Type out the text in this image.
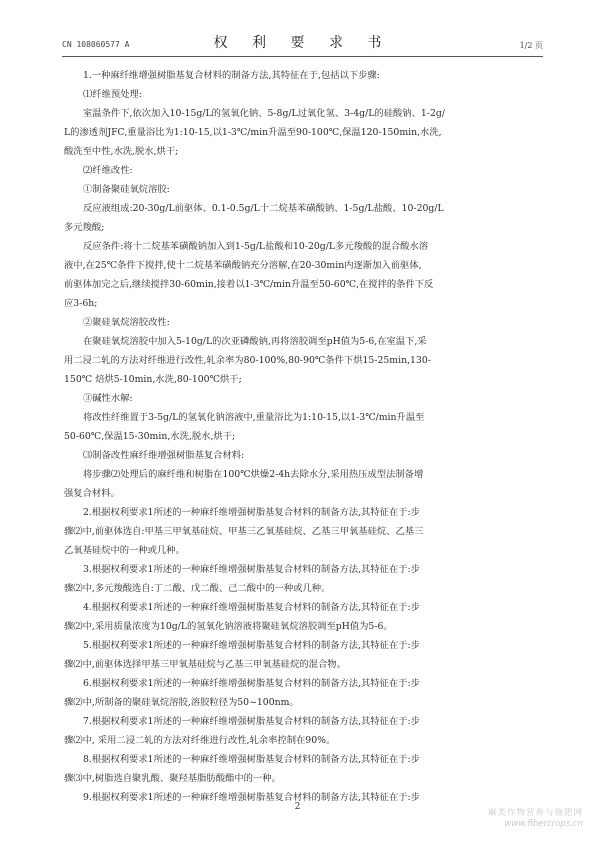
CN 108060577 A	权 利 要 求 书	1/2 页
1.一种麻纤维增强树脂基复合材料的制备方法,其特征在于,包括以下步骤:
⑴纤维预处理:
室温条件下,依次加入10-15g/L的氢氧化钠、5-8g/L过氧化氢、3-4g/L的硅酸钠、1-2g/
L的渗透剂JFC,重量浴比为1:10-15,以1-3℃/min升温至90-100℃,保温120-150min,水洗,
酸洗至中性,水洗,脱水,烘干;
⑵纤维改性:
①制备聚硅氧烷溶胶:
反应液组成:20-30g/L前驱体、0.1-0.5g/L十二烷基苯磺酸钠、1-5g/L盐酸、10-20g/L
多元羧酸;
反应条件:将十二烷基苯磺酸钠加入到1-5g/L盐酸和10-20g/L多元羧酸的混合酸水溶
液中,在25℃条件下搅拌,使十二烷基苯磺酸钠充分溶解,在20-30min内逐渐加入前驱体,
前驱体加完之后,继续搅拌30-60min,接着以1-3℃/min升温至50-60℃,在搅拌的条件下反
应3-6h;
②聚硅氧烷溶胶改性:
在聚硅氧烷溶胶中加入5-10g/L的次亚磷酸钠,再将溶胶调至pH值为5-6,在室温下,采
用二浸二轧的方法对纤维进行改性,轧余率为80-100%,80-90℃条件下烘15-25min,130-
150℃ 焙烘5-10min,水洗,80-100℃烘干;
③碱性水解:
将改性纤维置于3-5g/L的氢氧化钠溶液中,重量浴比为1:10-15,以1-3℃/min升温至
50-60℃,保温15-30min,水洗,脱水,烘干;
⑶制备改性麻纤维增强树脂基复合材料:
将步骤⑵处理后的麻纤维和树脂在100℃烘燥2-4h去除水分,采用热压成型法制备增
强复合材料。
2.根据权利要求1所述的一种麻纤维增强树脂基复合材料的制备方法,其特征在于:步
骤⑵中,前驱体选自:甲基三甲氧基硅烷、甲基三乙氧基硅烷、乙基三甲氧基硅烷、乙基三
乙氧基硅烷中的一种或几种。
3.根据权利要求1所述的一种麻纤维增强树脂基复合材料的制备方法,其特征在于:步
骤⑵中,多元羧酸选自:丁二酸、戊二酸、己二酸中的一种或几种。
4.根据权利要求1所述的一种麻纤维增强树脂基复合材料的制备方法,其特征在于:步
骤⑵中,采用质量浓度为10g/L的氢氧化钠溶液将聚硅氧烷溶胶调至pH值为5-6。
5.根据权利要求1所述的一种麻纤维增强树脂基复合材料的制备方法,其特征在于:步
骤⑵中,前驱体选择甲基三甲氧基硅烷与乙基三甲氧基硅烷的混合物。
6.根据权利要求1所述的一种麻纤维增强树脂基复合材料的制备方法,其特征在于:步
骤⑵中,所制备的聚硅氧烷溶胶,溶胶粒径为50~100nm。
7.根据权利要求1所述的一种麻纤维增强树脂基复合材料的制备方法,其特征在于:步
骤⑵中, 采用二浸二轧的方法对纤维进行改性,轧余率控制在90%。
8.根据权利要求1所述的一种麻纤维增强树脂基复合材料的制备方法,其特征在于:步
骤⑶中,树脂选自聚乳酸、聚羟基脂肪酸酯中的一种。
9.根据权利要求1所述的一种麻纤维增强树脂基复合材料的制备方法,其特征在于:步
2
麻类作物营养与施肥网
www.fibercrops.cn
